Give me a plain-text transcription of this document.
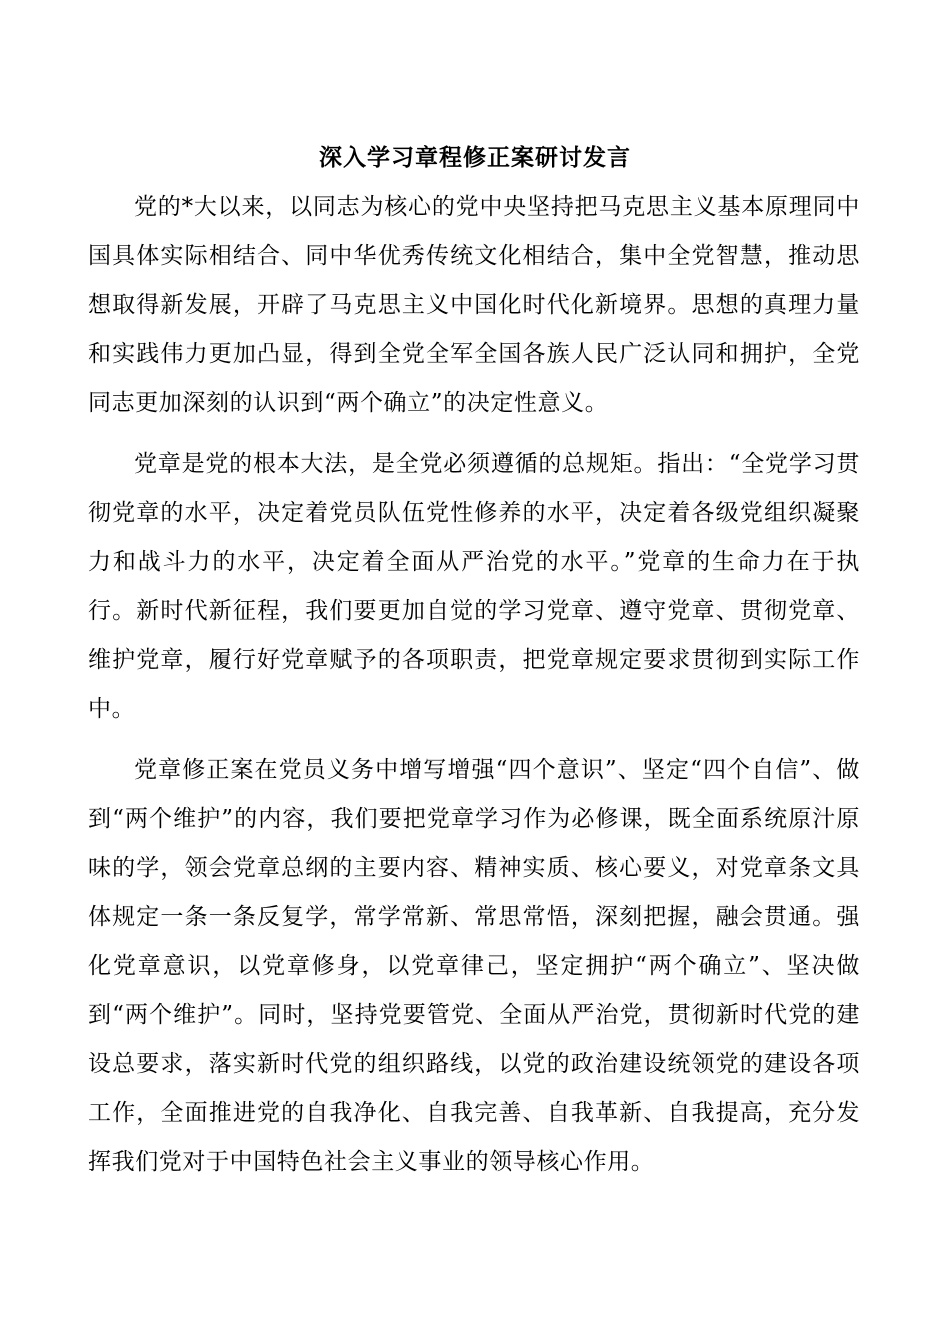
深入学习章程修正案研讨发言

党的*大以来，以同志为核心的党中央坚持把马克思主义基本原理同中国具体实际相结合、同中华优秀传统文化相结合，集中全党智慧，推动思想取得新发展，开辟了马克思主义中国化时代化新境界。思想的真理力量和实践伟力更加凸显，得到全党全军全国各族人民广泛认同和拥护，全党同志更加深刻的认识到“两个确立”的决定性意义。

党章是党的根本大法，是全党必须遵循的总规矩。指出：“全党学习贯彻党章的水平，决定着党员队伍党性修养的水平，决定着各级党组织凝聚力和战斗力的水平，决定着全面从严治党的水平。”党章的生命力在于执行。新时代新征程，我们要更加自觉的学习党章、遵守党章、贯彻党章、维护党章，履行好党章赋予的各项职责，把党章规定要求贯彻到实际工作中。

党章修正案在党员义务中增写增强“四个意识”、坚定“四个自信”、做到“两个维护”的内容，我们要把党章学习作为必修课，既全面系统原汁原味的学，领会党章总纲的主要内容、精神实质、核心要义，对党章条文具体规定一条一条反复学，常学常新、常思常悟，深刻把握，融会贯通。强化党章意识，以党章修身，以党章律己，坚定拥护“两个确立”、坚决做到“两个维护”。同时，坚持党要管党、全面从严治党，贯彻新时代党的建设总要求，落实新时代党的组织路线，以党的政治建设统领党的建设各项工作，全面推进党的自我净化、自我完善、自我革新、自我提高，充分发挥我们党对于中国特色社会主义事业的领导核心作用。
